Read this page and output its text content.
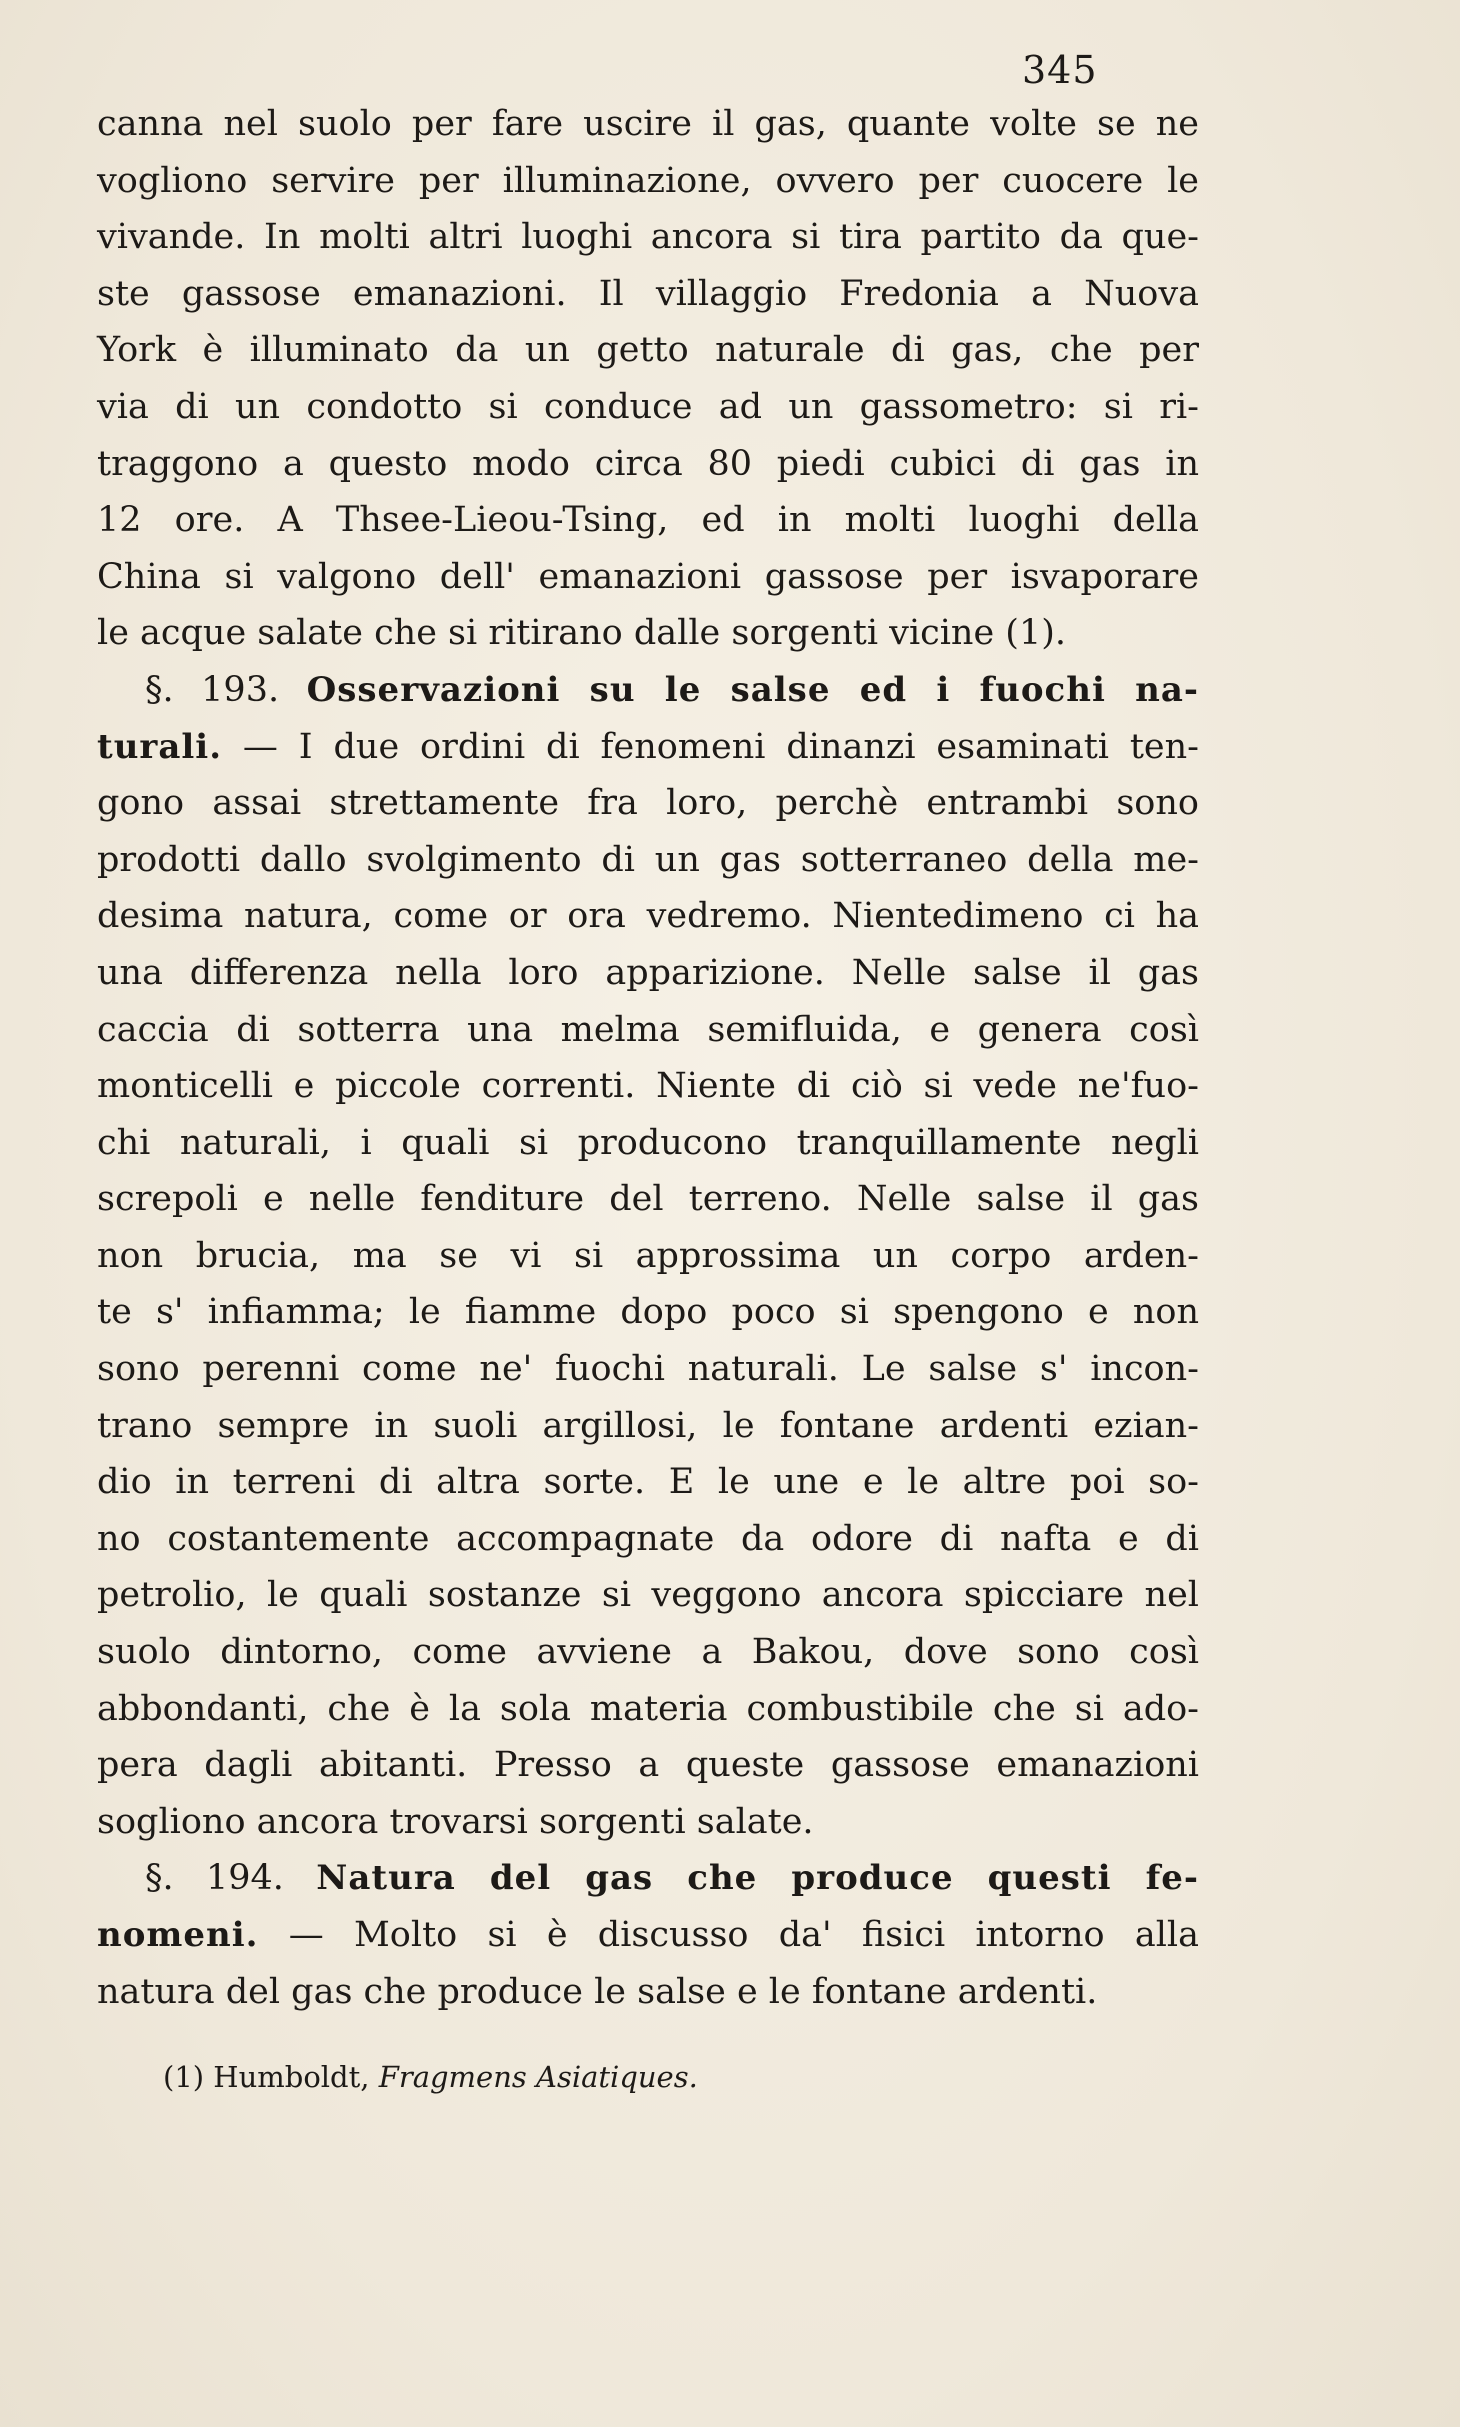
345
canna nel suolo per fare uscire il gas, quante volte se ne
vogliono servire per illuminazione, ovvero per cuocere le
vivande. In molti altri luoghi ancora si tira partito da que-
ste gassose emanazioni. Il villaggio Fredonia a Nuova
York è illuminato da un getto naturale di gas, che per
via di un condotto si conduce ad un gassometro: si ri-
traggono a questo modo circa 80 piedi cubici di gas in
12 ore. A Thsee-Lieou-Tsing, ed in molti luoghi della
China si valgono dell' emanazioni gassose per isvaporare
le acque salate che si ritirano dalle sorgenti vicine (1).
§. 193. Osservazioni su le salse ed i fuochi na-
turali. — I due ordini di fenomeni dinanzi esaminati ten-
gono assai strettamente fra loro, perchè entrambi sono
prodotti dallo svolgimento di un gas sotterraneo della me-
desima natura, come or ora vedremo. Nientedimeno ci ha
una differenza nella loro apparizione. Nelle salse il gas
caccia di sotterra una melma semifluida, e genera così
monticelli e piccole correnti. Niente di ciò si vede ne'fuo-
chi naturali, i quali si producono tranquillamente negli
screpoli e nelle fenditure del terreno. Nelle salse il gas
non brucia, ma se vi si approssima un corpo arden-
te s' infiamma; le fiamme dopo poco si spengono e non
sono perenni come ne' fuochi naturali. Le salse s' incon-
trano sempre in suoli argillosi, le fontane ardenti ezian-
dio in terreni di altra sorte. E le une e le altre poi so-
no costantemente accompagnate da odore di nafta e di
petrolio, le quali sostanze si veggono ancora spicciare nel
suolo dintorno, come avviene a Bakou, dove sono così
abbondanti, che è la sola materia combustibile che si ado-
pera dagli abitanti. Presso a queste gassose emanazioni
sogliono ancora trovarsi sorgenti salate.
§. 194. Natura del gas che produce questi fe-
nomeni. — Molto si è discusso da' fisici intorno alla
natura del gas che produce le salse e le fontane ardenti.
(1) Humboldt, Fragmens Asiatiques.
